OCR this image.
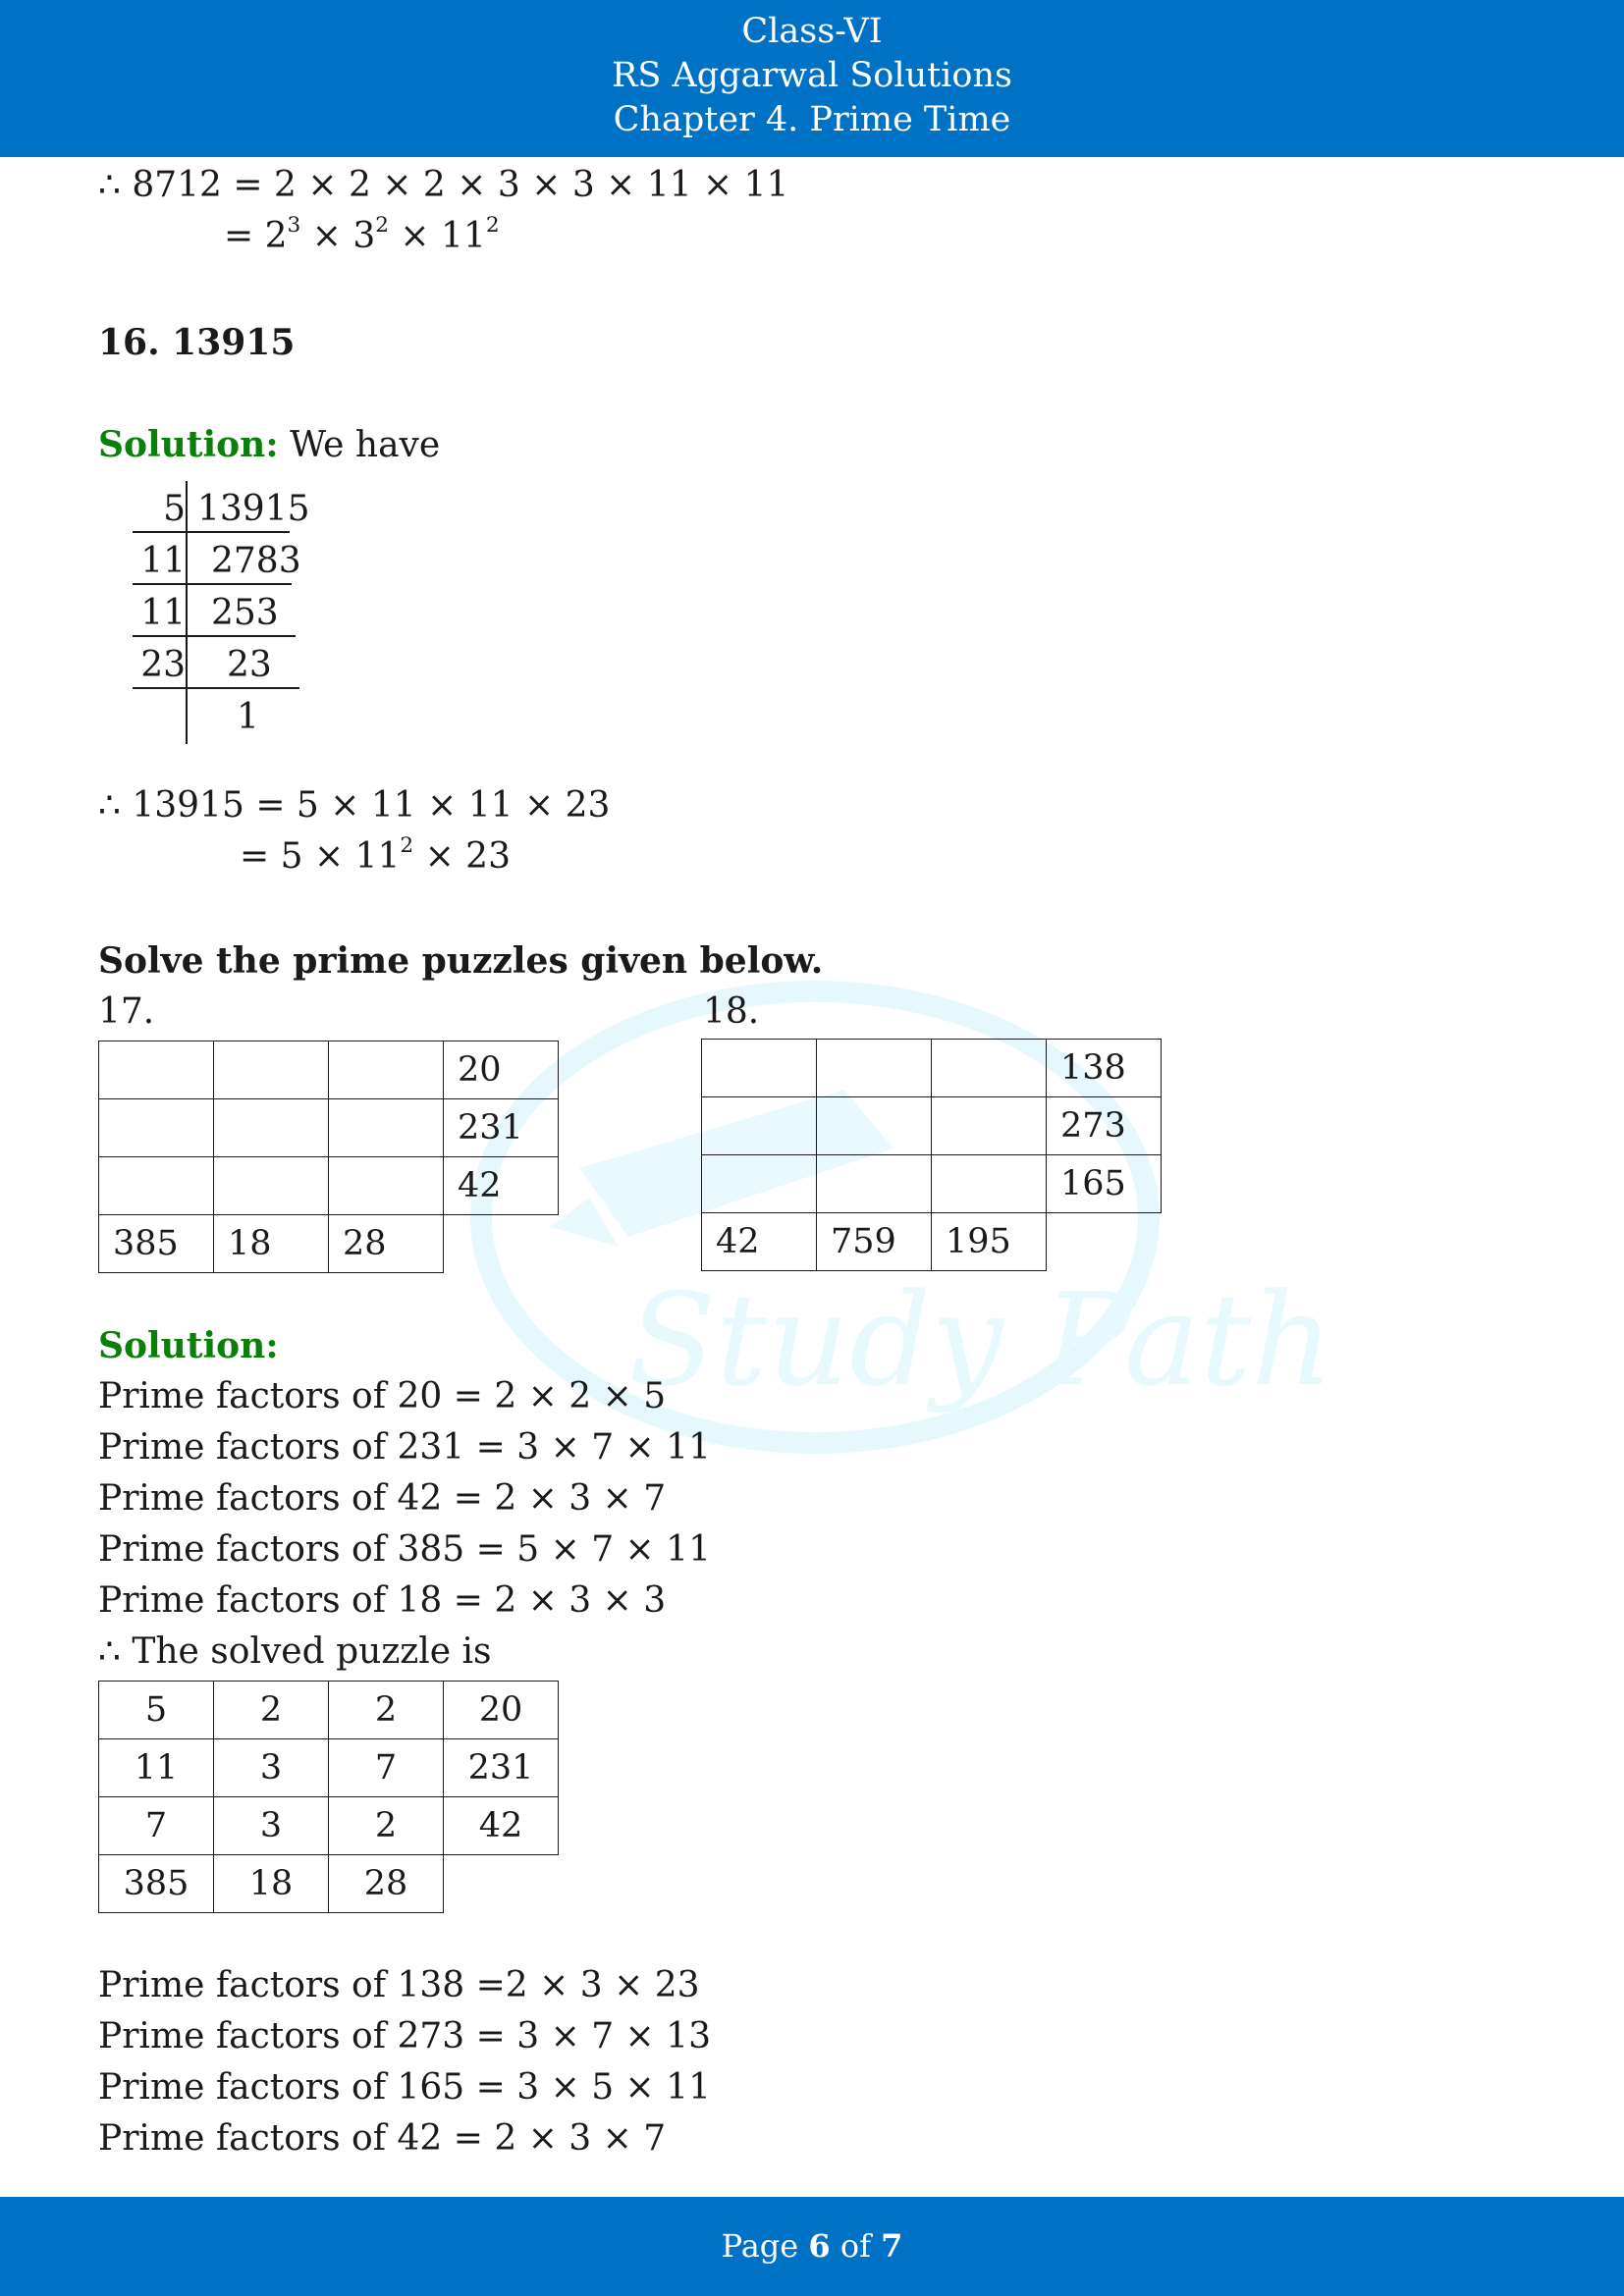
Class-VI
RS Aggarwal Solutions
Chapter 4. Prime Time
Study Path
∴ 8712 = 2 × 2 × 2 × 3 × 3 × 11 × 11
= $2^3 \times 3^2 \times 11^2$
16. 13915
Solution: We have
5 13915
11 2783
11 253
23 23
1
∴ 13915 = 5 × 11 × 11 × 23
= $5 \times 11^2 \times 23$
Solve the prime puzzles given below.
17.	18.
			20
			231
			42
385	18	28	
			138
			273
			165
42	759	195	
Solution:
Prime factors of 20 = 2 × 2 × 5
Prime factors of 231 = 3 × 7 × 11
Prime factors of 42 = 2 × 3 × 7
Prime factors of 385 = 5 × 7 × 11
Prime factors of 18 = 2 × 3 × 3
∴ The solved puzzle is
5	2	2	20
11	3	7	231
7	3	2	42
385	18	28	
Prime factors of 138 =2 × 3 × 23
Prime factors of 273 = 3 × 7 × 13
Prime factors of 165 = 3 × 5 × 11
Prime factors of 42 = 2 × 3 × 7
Page 6 of 7
